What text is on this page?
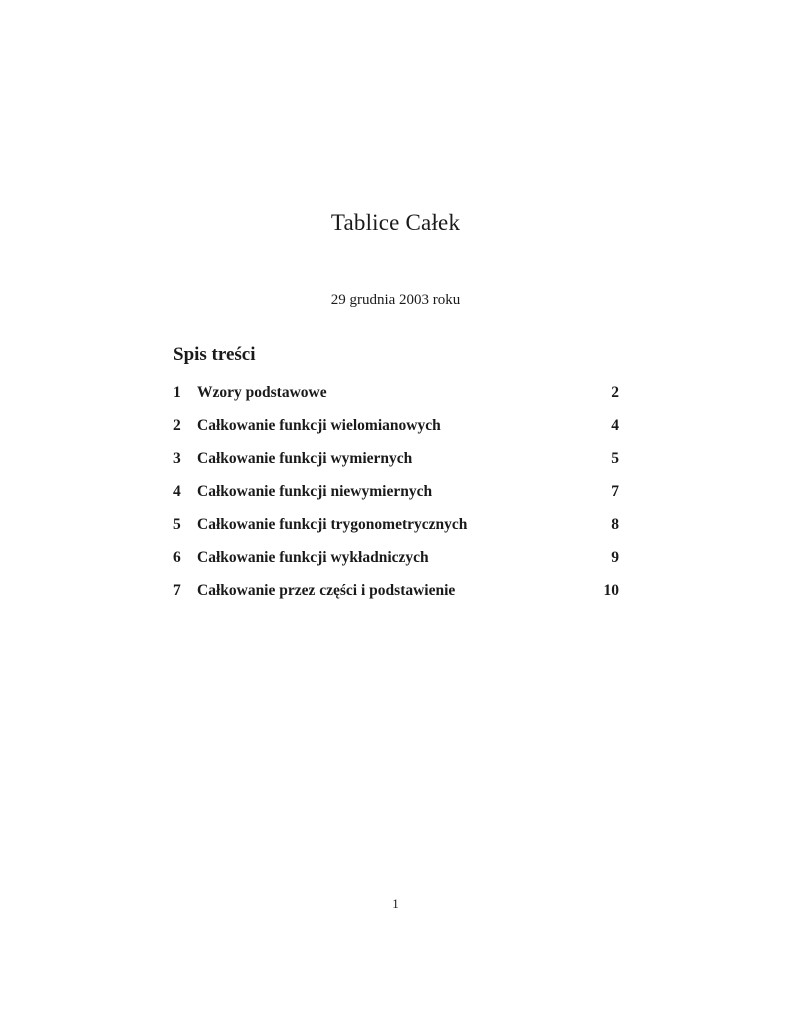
Tablice Całek
29 grudnia 2003 roku
Spis treści
1	Wzory podstawowe	2
2	Całkowanie funkcji wielomianowych	4
3	Całkowanie funkcji wymiernych	5
4	Całkowanie funkcji niewymiernych	7
5	Całkowanie funkcji trygonometrycznych	8
6	Całkowanie funkcji wykładniczych	9
7	Całkowanie przez części i podstawienie	10
1
